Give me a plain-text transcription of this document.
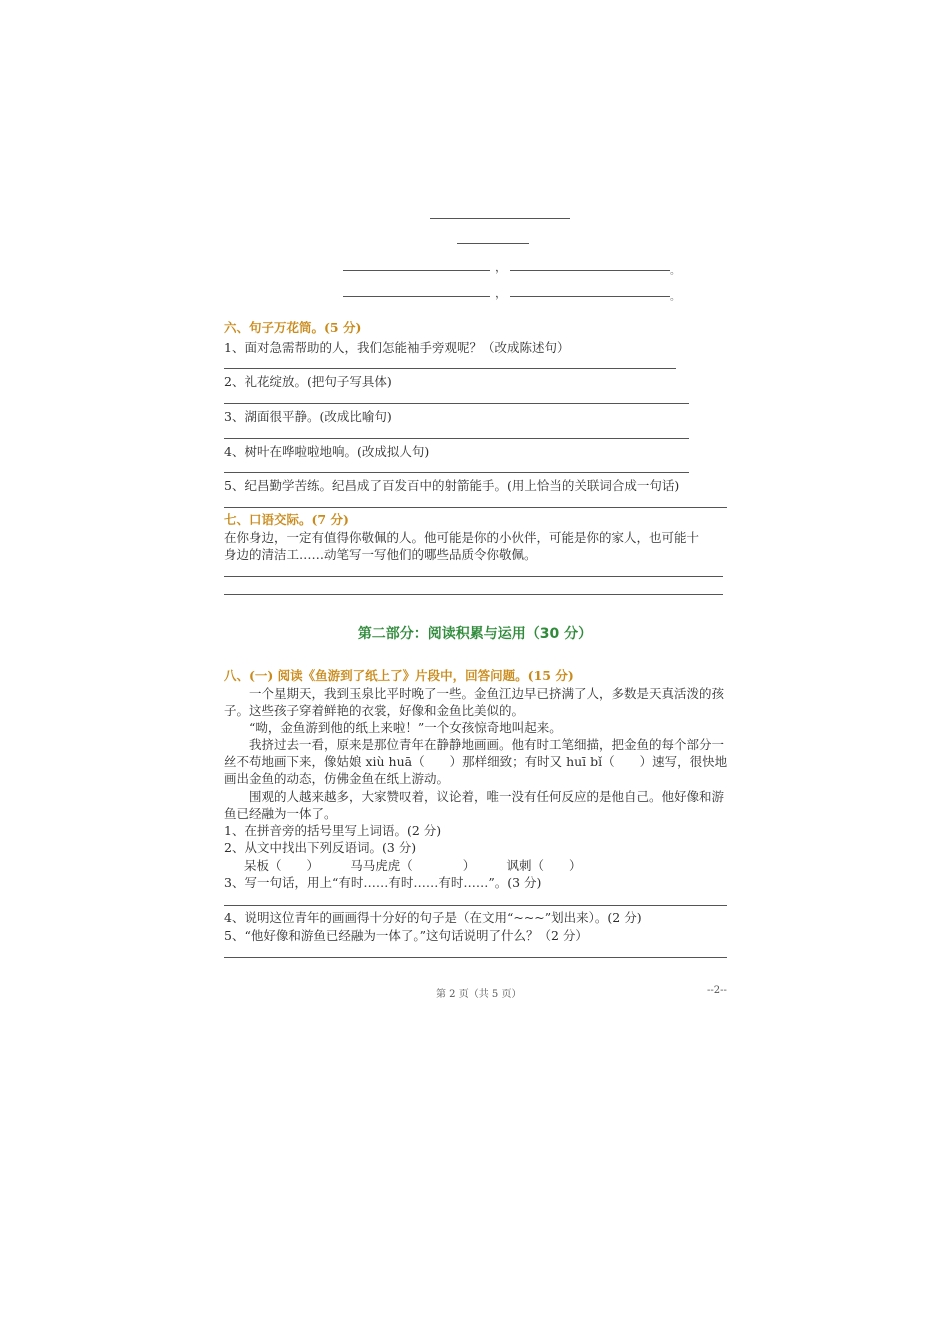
，	。
，	。
六、句子万花筒。(5 分)
1、面对急需帮助的人，我们怎能袖手旁观呢？（改成陈述句）
2、礼花绽放。(把句子写具体)
3、湖面很平静。(改成比喻句)
4、树叶在哗啦啦地响。(改成拟人句)
5、纪昌勤学苦练。纪昌成了百发百中的射箭能手。(用上恰当的关联词合成一句话)
七、口语交际。(7 分)
在你身边，一定有值得你敬佩的人。他可能是你的小伙伴，可能是你的家人，也可能十
身边的清洁工……动笔写一写他们的哪些品质令你敬佩。
第二部分：阅读积累与运用（30 分）
八、(一) 阅读《鱼游到了纸上了》片段中，回答问题。(15 分)
一个星期天，我到玉泉比平时晚了一些。金鱼江边早已挤满了人，多数是天真活泼的孩子。这些孩子穿着鲜艳的衣裳，好像和金鱼比美似的。
“呦，金鱼游到他的纸上来啦！”一个女孩惊奇地叫起来。
我挤过去一看，原来是那位青年在静静地画画。他有时工笔细描，把金鱼的每个部分一丝不苟地画下来，像姑娘 xiù huā（　　）那样细致；有时又 huī bǐ（　　）速写，很快地画出金鱼的动态，仿佛金鱼在纸上游动。
围观的人越来越多，大家赞叹着，议论着，唯一没有任何反应的是他自己。他好像和游鱼已经融为一体了。
1、在拼音旁的括号里写上词语。(2 分)
2、从文中找出下列反语词。(3 分)
呆板（　　）　　　马马虎虎（　　　　）　　　讽刺（　　）
3、写一句话，用上“有时……有时……有时……”。(3 分)
4、说明这位青年的画画得十分好的句子是（在文用“~~~”划出来）。(2 分)
5、“他好像和游鱼已经融为一体了。”这句话说明了什么？（2 分）
第 2 页（共 5 页）	--2--
